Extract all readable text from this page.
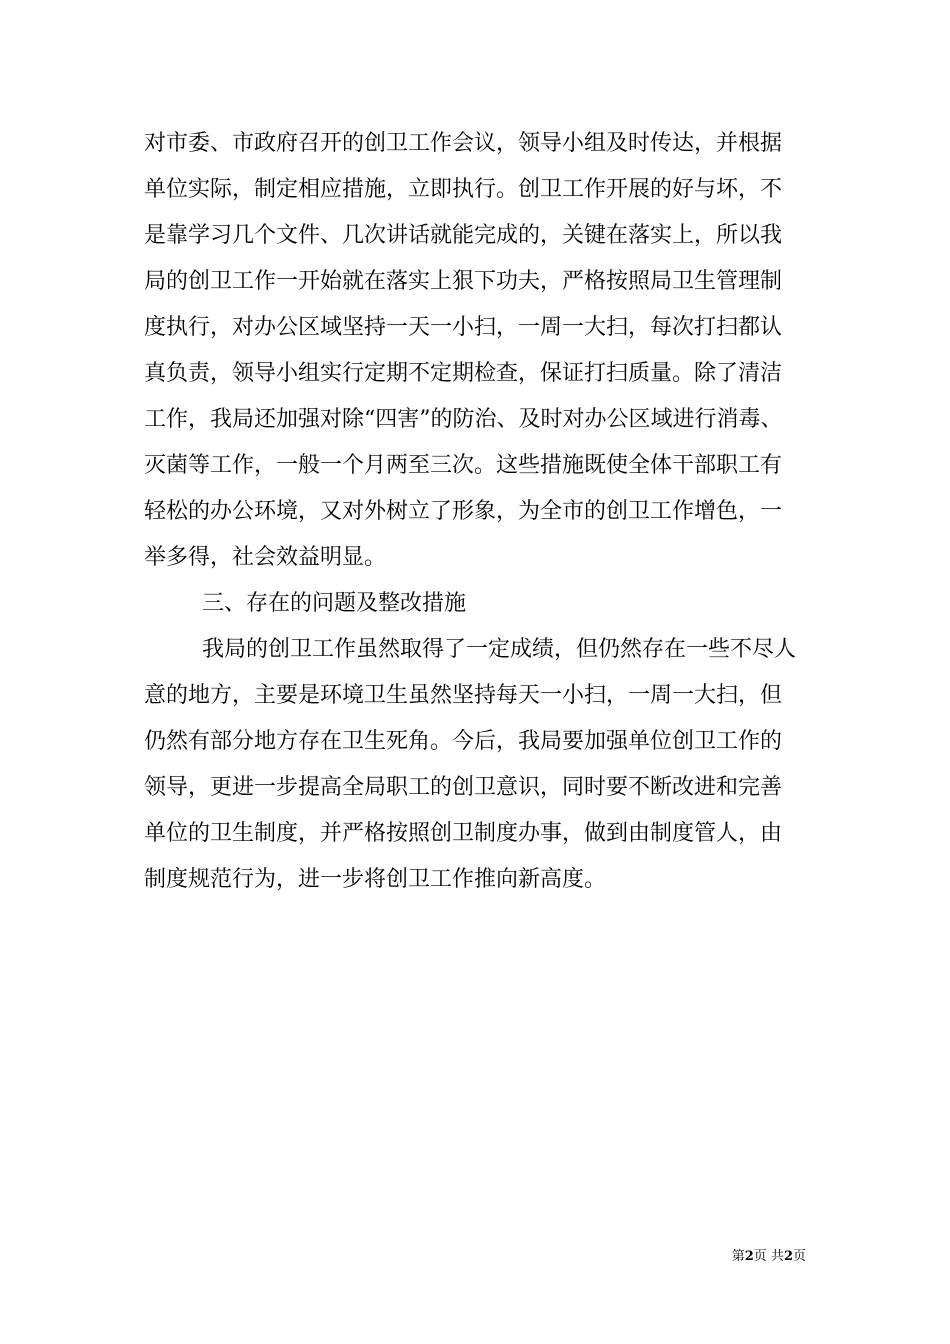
对市委、市政府召开的创卫工作会议，领导小组及时传达，并根据
单位实际，制定相应措施，立即执行。创卫工作开展的好与坏，不
是靠学习几个文件、几次讲话就能完成的，关键在落实上，所以我
局的创卫工作一开始就在落实上狠下功夫，严格按照局卫生管理制
度执行，对办公区域坚持一天一小扫，一周一大扫，每次打扫都认
真负责，领导小组实行定期不定期检查，保证打扫质量。除了清洁
工作，我局还加强对除“四害”的防治、及时对办公区域进行消毒、
灭菌等工作，一般一个月两至三次。这些措施既使全体干部职工有
轻松的办公环境，又对外树立了形象，为全市的创卫工作增色，一
举多得，社会效益明显。
三、存在的问题及整改措施
我局的创卫工作虽然取得了一定成绩，但仍然存在一些不尽人
意的地方，主要是环境卫生虽然坚持每天一小扫，一周一大扫，但
仍然有部分地方存在卫生死角。今后，我局要加强单位创卫工作的
领导，更进一步提高全局职工的创卫意识，同时要不断改进和完善
单位的卫生制度，并严格按照创卫制度办事，做到由制度管人，由
制度规范行为，进一步将创卫工作推向新高度。
第2页 共2页
